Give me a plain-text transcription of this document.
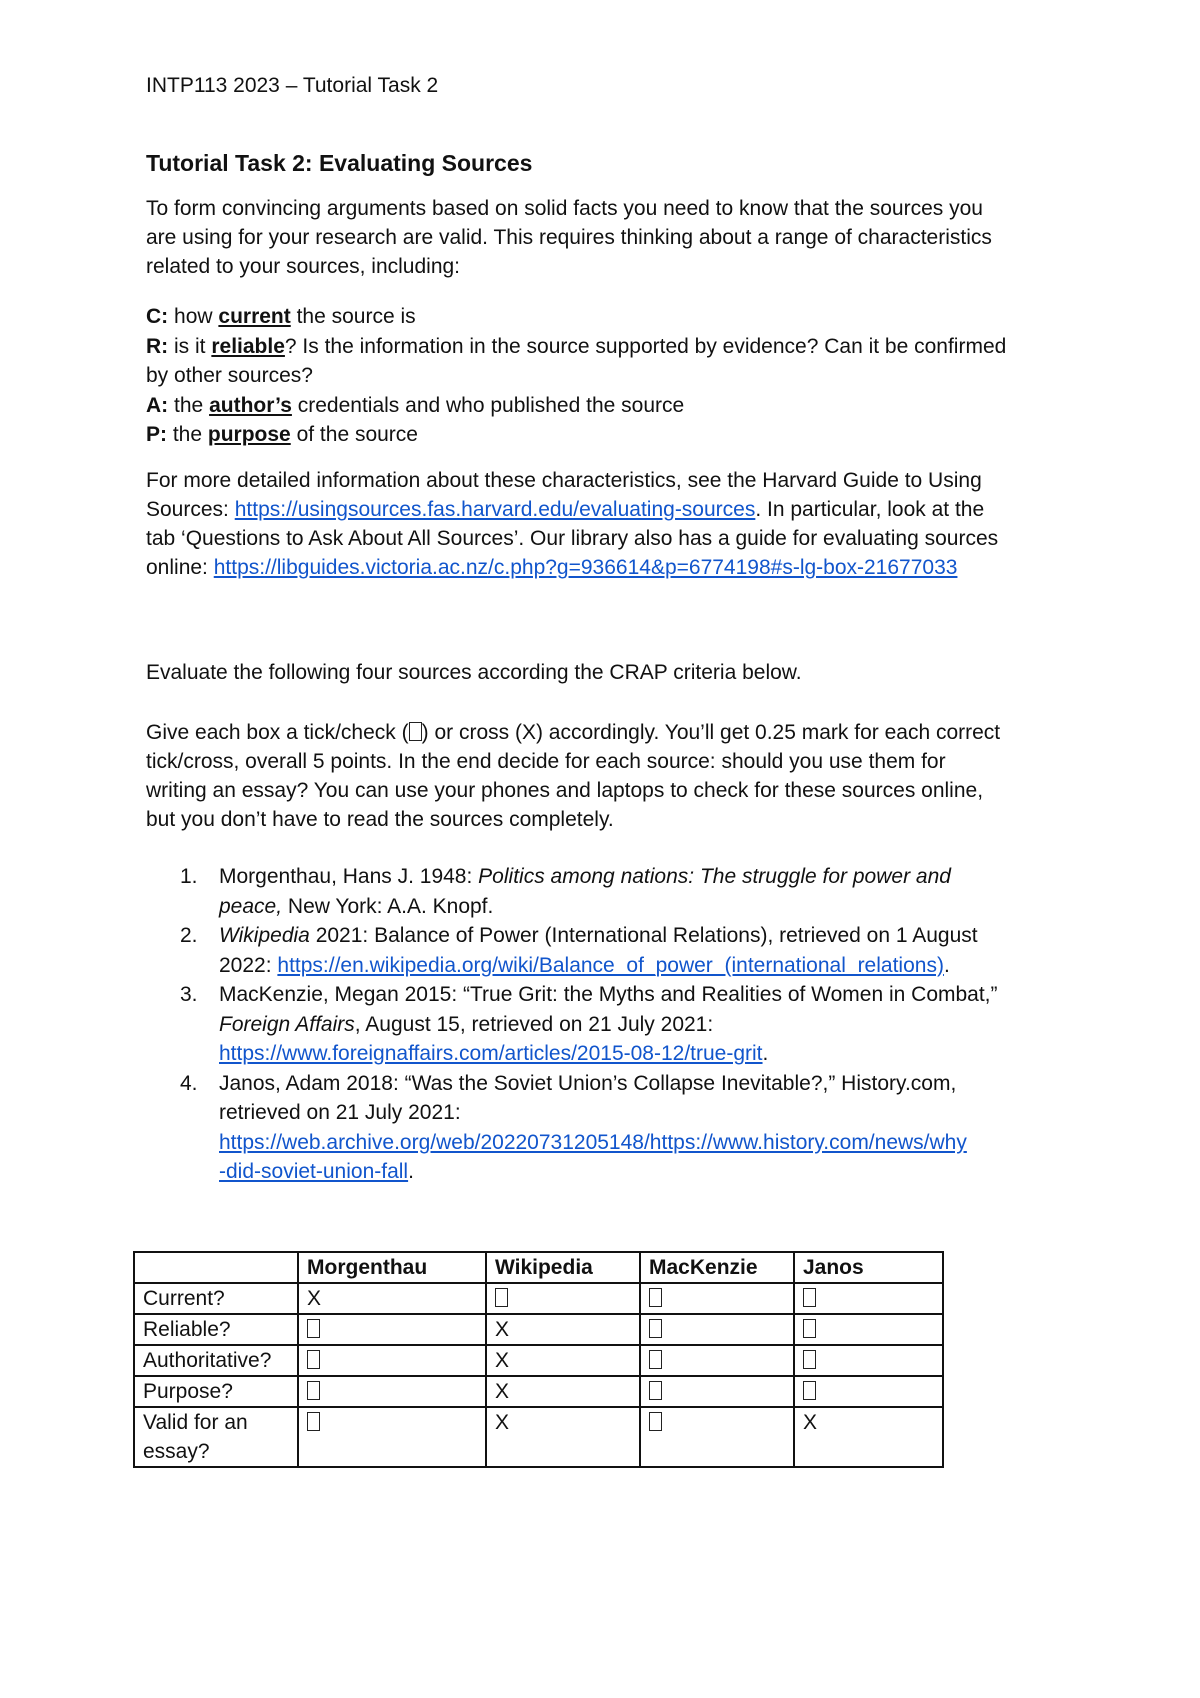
INTP113 2023 – Tutorial Task 2
Tutorial Task 2: Evaluating Sources
To form convincing arguments based on solid facts you need to know that the sources you
are using for your research are valid. This requires thinking about a range of characteristics
related to your sources, including:
C: how current the source is
R: is it reliable? Is the information in the source supported by evidence? Can it be confirmed
by other sources?
A: the author’s credentials and who published the source
P: the purpose of the source
For more detailed information about these characteristics, see the Harvard Guide to Using
Sources: https://usingsources.fas.harvard.edu/evaluating-sources. In particular, look at the
tab ‘Questions to Ask About All Sources’. Our library also has a guide for evaluating sources
online: https://libguides.victoria.ac.nz/c.php?g=936614&p=6774198#s-lg-box-21677033
Evaluate the following four sources according the CRAP criteria below.
Give each box a tick/check ( ) or cross (X) accordingly. You’ll get 0.25 mark for each correct
tick/cross, overall 5 points. In the end decide for each source: should you use them for
writing an essay? You can use your phones and laptops to check for these sources online,
but you don’t have to read the sources completely.
1. Morgenthau, Hans J. 1948: Politics among nations: The struggle for power and
peace, New York: A.A. Knopf.
2. Wikipedia 2021: Balance of Power (International Relations), retrieved on 1 August
2022: https://en.wikipedia.org/wiki/Balance_of_power_(international_relations).
3. MacKenzie, Megan 2015: “True Grit: the Myths and Realities of Women in Combat,”
Foreign Affairs, August 15, retrieved on 21 July 2021:
https://www.foreignaffairs.com/articles/2015-08-12/true-grit.
4. Janos, Adam 2018: “Was the Soviet Union’s Collapse Inevitable?,” History.com,
retrieved on 21 July 2021:
https://web.archive.org/web/20220731205148/https://www.history.com/news/why
-did-soviet-union-fall.
	Morgenthau	Wikipedia	MacKenzie	Janos

Current?	X			

Reliable?		X		

Authoritative?		X		

Purpose?		X		

Valid for an
essay?		X		X
